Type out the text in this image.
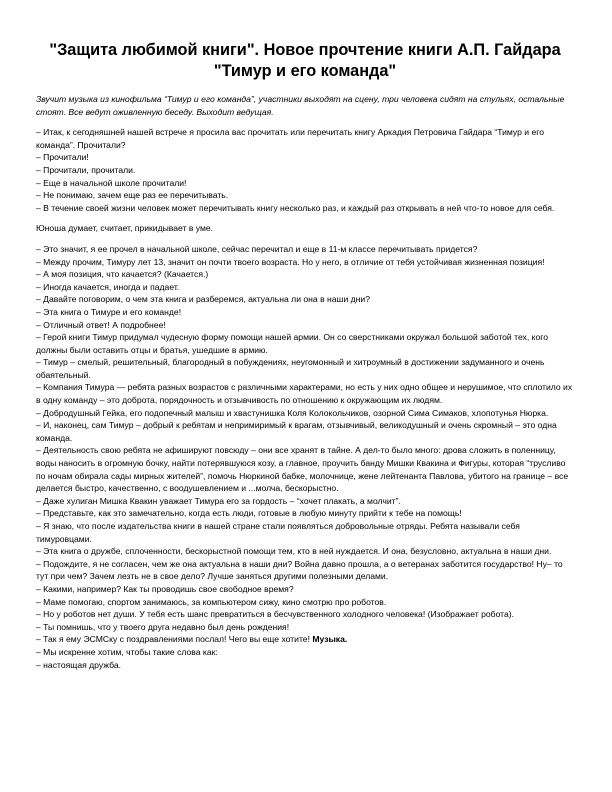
"Защита любимой книги". Новое прочтение книги А.П. Гайдара "Тимур и его команда"
Звучит музыка из кинофильма “Тимур и его команда”, участники выходят на сцену, три человека сидят на стульях, остальные стоят. Все ведут оживленную беседу. Выходит ведущая.
– Итак, к сегодняшней нашей встрече я просила вас прочитать или перечитать книгу Аркадия Петровича Гайдара “Тимур и его команда”. Прочитали?
– Прочитали!
– Прочитали, прочитали.
– Еще в начальной школе прочитали!
– Не понимаю, зачем еще раз ее перечитывать.
– В течение своей жизни человек может перечитывать книгу несколько раз, и каждый раз открывать в ней что-то новое для себя.
Юноша думает, считает, прикидывает в уме.
– Это значит, я ее прочел в начальной школе, сейчас перечитал и еще в 11-м классе перечитывать придется?
– Между прочим, Тимуру лет 13, значит он почти твоего возраста. Но у него, в отличие от тебя устойчивая жизненная позиция!
– А моя позиция, что качается? (Качается.)
– Иногда качается, иногда и падает.
– Давайте поговорим, о чем эта книга и разберемся, актуальна ли она в наши дни?
– Эта книга о Тимуре и его команде!
– Отличный ответ! А подробнее!
– Герой книги Тимур придумал чудесную форму помощи нашей армии. Он со сверстниками окружал большой заботой тех, кого должны были оставить отцы и братья, ушедшие в армию.
– Тимур – смелый, решительный, благородный в побуждениях, неугомонный и хитроумный в достижении задуманного и очень обаятельный.
– Компания Тимура — ребята разных возрастов с различными характерами, но есть у них одно общее и нерушимое, что сплотило их в одну команду – это доброта, порядочность и отзывчивость по отношению к окружающим их людям.
– Добродушный Гейка, его подопечный малыш и хвастунишка Коля Колокольчиков, озорной Сима Симаков, хлопотунья Нюрка.
– И, наконец, сам Тимур – добрый к ребятам и непримиримый к врагам, отзывчивый, великодушный и очень скромный – это одна команда.
– Деятельность свою ребята не афишируют повсюду – они все хранят в тайне. А дел-то было много: дрова сложить в поленницу, воды наносить в огромную бочку, найти потерявшуюся козу, а главное, проучить банду Мишки Квакина и Фигуры, которая “трусливо по ночам обирала сады мирных жителей”, помочь Нюркиной бабке, молочнице, жене лейтенанта Павлова, убитого на границе – все делается быстро, качественно, с воодушевлением и ...молча, бескорыстно.
– Даже хулиган Мишка Квакин уважает Тимура его за гордость – “хочет плакать, а молчит”.
– Представьте, как это замечательно, когда есть люди, готовые в любую минуту прийти к тебе на помощь!
– Я знаю, что после издательства книги в нашей стране стали появляться добровольные отряды. Ребята называли себя тимуровцами.
– Эта книга о дружбе, сплоченности, бескорыстной помощи тем, кто в ней нуждается. И она, безусловно, актуальна в наши дни.
– Подождите, я не согласен, чем же она актуальна в наши дни? Война давно прошла, а о ветеранах заботится государство! Ну– то тут при чем? Зачем лезть не в свое дело? Лучше заняться другими полезными делами.
– Какими, например? Как ты проводишь свое свободное время?
– Маме помогаю, спортом занимаюсь, за компьютером сижу, кино смотрю про роботов.
– Но у роботов нет души. У тебя есть шанс превратиться в бесчувственного холодного человека! (Изображает робота).
– Ты помнишь, что у твоего друга недавно был день рождения!
– Так я ему ЭСМСку с поздравлениями послал! Чего вы еще хотите! Музыка.
– Мы искренне хотим, чтобы такие слова как:
– настоящая дружба.
